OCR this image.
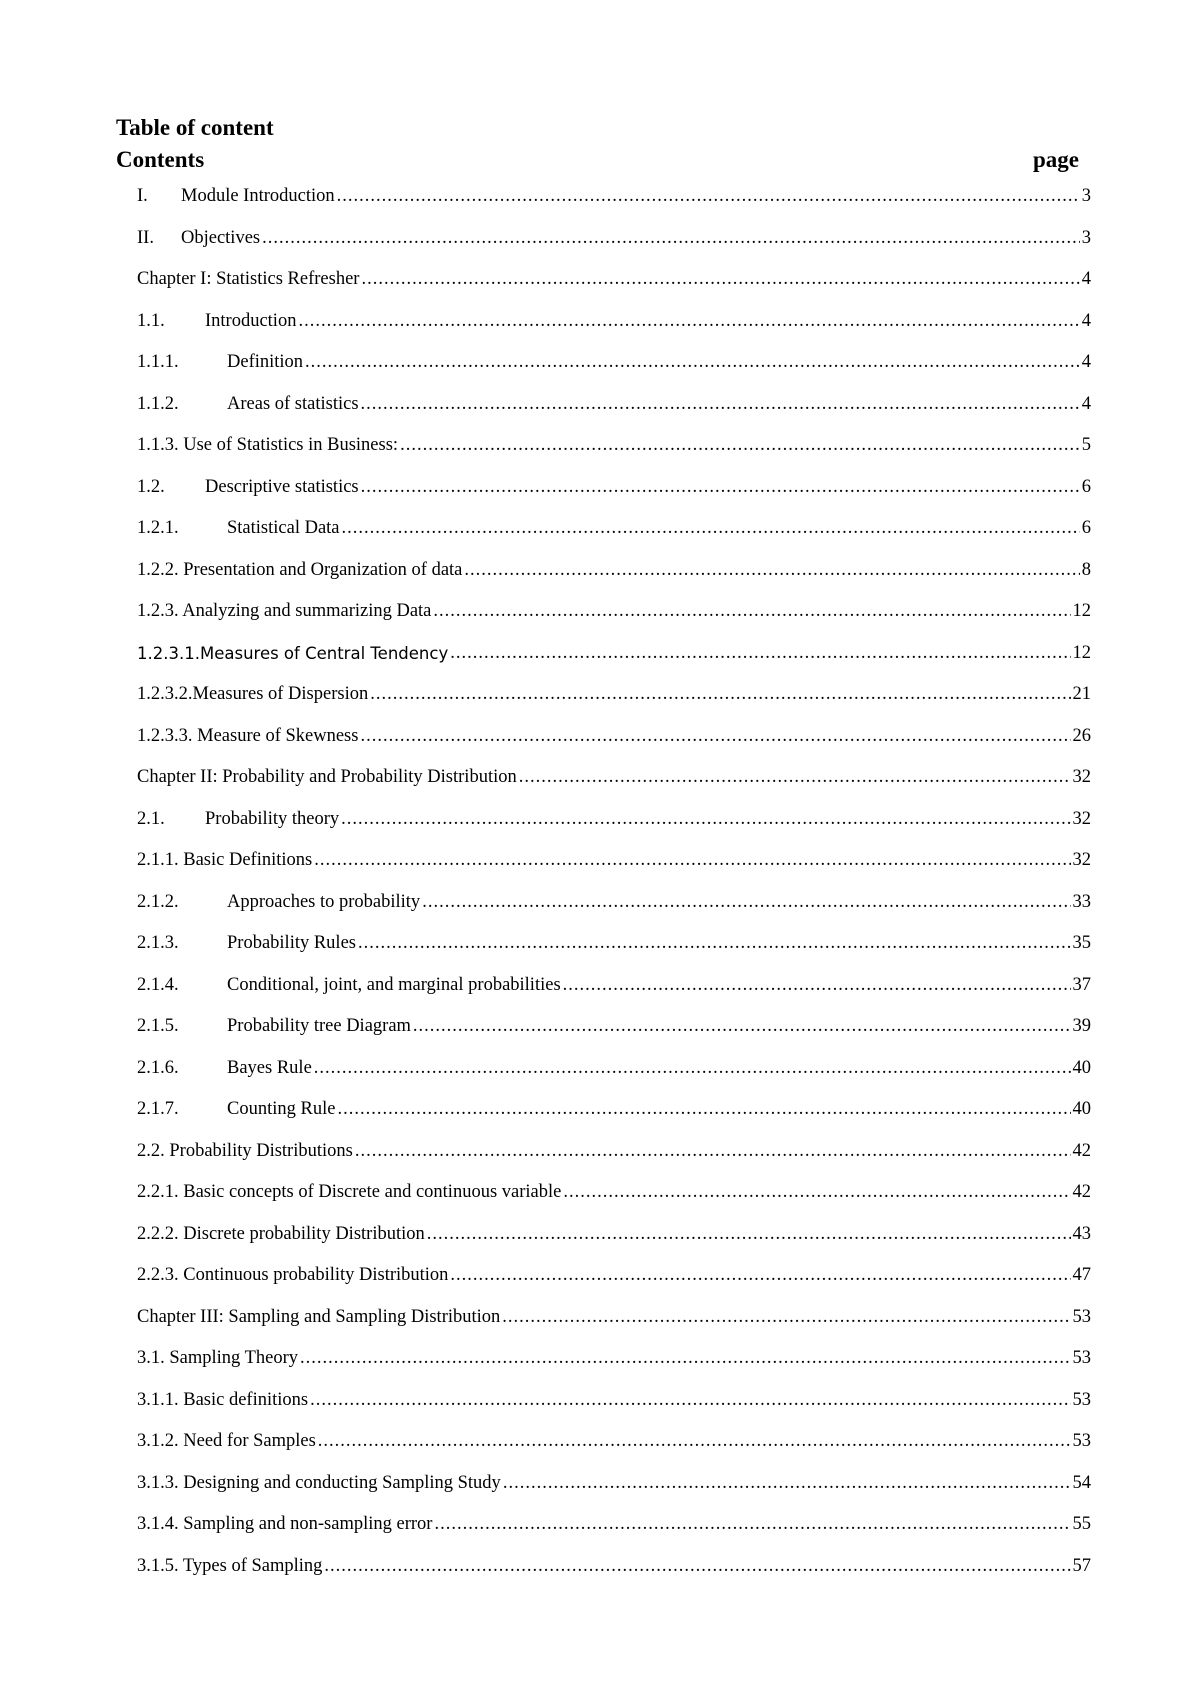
Table of content

Contents	page
I.	Module Introduction .....	3
II.	Objectives .....	3
Chapter I: Statistics Refresher .....	4
1.1.	Introduction .....	4
1.1.1.	Definition .....	4
1.1.2.	Areas of statistics .....	4
1.1.3. Use of Statistics in Business: .....	5
1.2.	Descriptive statistics .....	6
1.2.1.	Statistical Data .....	6
1.2.2. Presentation and Organization of data .....	8
1.2.3. Analyzing and summarizing Data .....	12
1.2.3.1.Measures of Central Tendency .....	12
1.2.3.2.Measures of Dispersion .....	21
1.2.3.3. Measure of Skewness .....	26
Chapter II: Probability and Probability Distribution .....	32
2.1.	Probability theory .....	32
2.1.1. Basic Definitions .....	32
2.1.2.	Approaches to probability .....	33
2.1.3.	Probability Rules .....	35
2.1.4.	Conditional, joint, and marginal probabilities .....	37
2.1.5.	Probability tree Diagram .....	39
2.1.6.	Bayes Rule .....	40
2.1.7.	Counting Rule .....	40
2.2. Probability Distributions .....	42
2.2.1. Basic concepts of Discrete and continuous variable .....	42
2.2.2. Discrete probability Distribution .....	43
2.2.3. Continuous probability Distribution .....	47
Chapter III: Sampling and Sampling Distribution .....	53
3.1. Sampling Theory .....	53
3.1.1. Basic definitions .....	53
3.1.2. Need for Samples .....	53
3.1.3. Designing and conducting Sampling Study .....	54
3.1.4. Sampling and non-sampling error .....	55
3.1.5. Types of Sampling .....	57
